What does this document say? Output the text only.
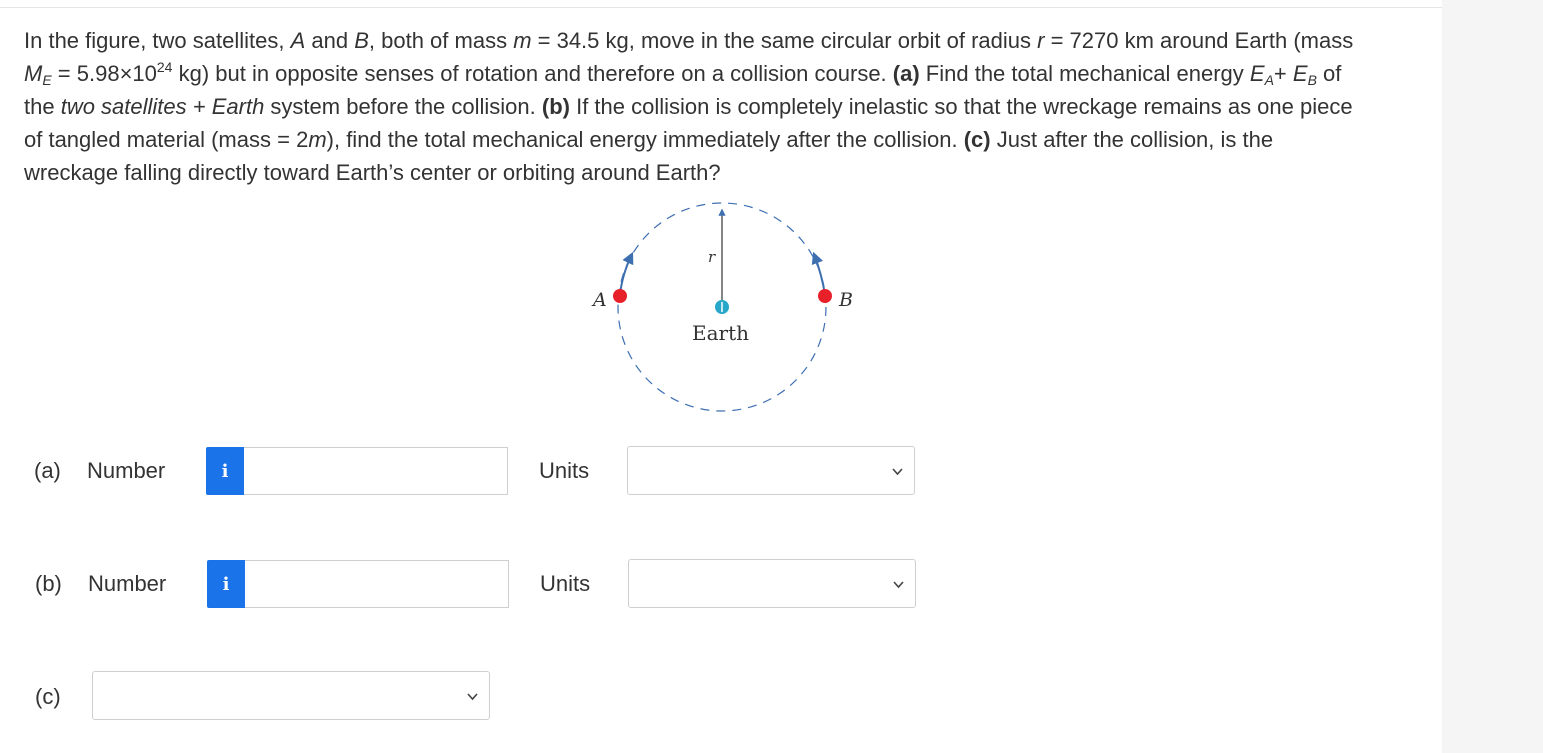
In the figure, two satellites, A and B, both of mass m = 34.5 kg, move in the same circular orbit of radius r = 7270 km around Earth (mass
$M_E = 5.98\times 10^{24}$ kg) but in opposite senses of rotation and therefore on a collision course. (a) Find the total mechanical energy $E_A+ E_B$ of
the two satellites + Earth system before the collision. (b) If the collision is completely inelastic so that the wreckage remains as one piece
of tangled material (mass = 2m), find the total mechanical energy immediately after the collision. (c) Just after the collision, is the
wreckage falling directly toward Earth’s center or orbiting around Earth?
r
Earth
A	B
(a) Number	i	Units
(b) Number	i	Units
(c)
